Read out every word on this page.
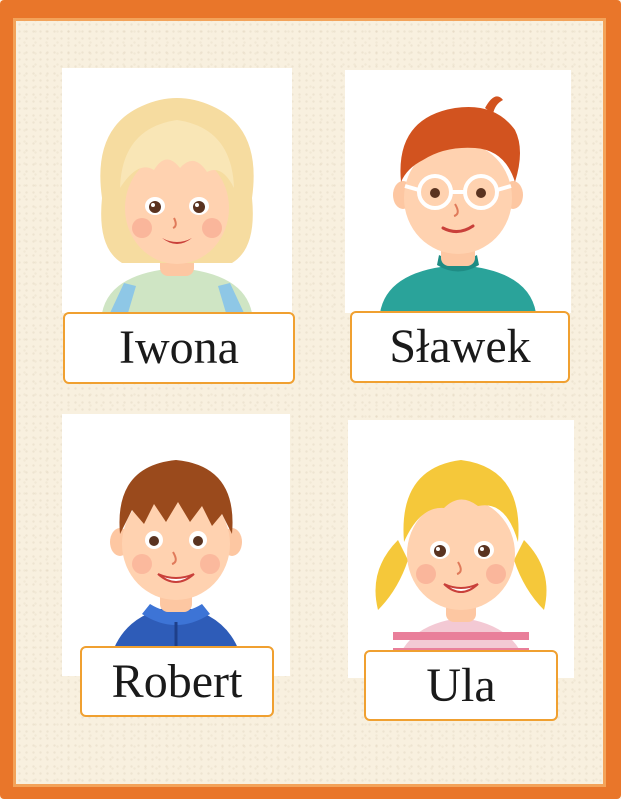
Iwona	Sławek
Robert	Ula
